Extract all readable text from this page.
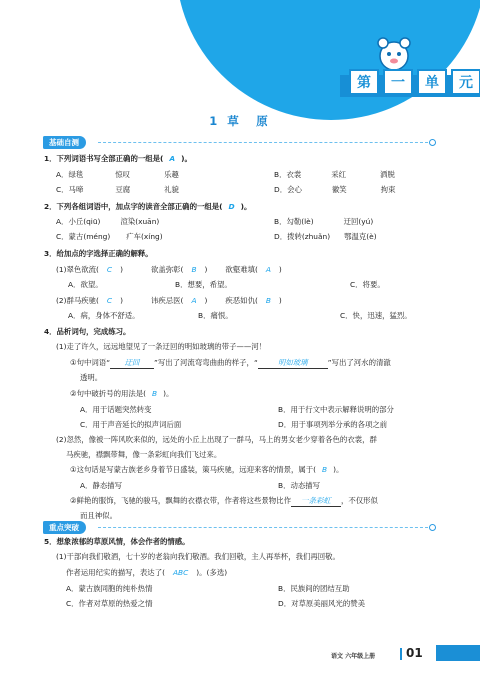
第	一	单	元
1 草　原
基础自测
1．下列词语书写全部正确的一组是( A )。
A．绿毯	惊叹	乐趣	B．衣裳	采红	洒脱
C．马啼	豆腐	礼貌	D．会心	徽笑	拘束
2．下列各组词语中，加点字的读音全部正确的一组是( D )。
A．小丘(qiū)	渲染(xuān)	B．勾勒(lè)	迂回(yú)
C．蒙古(méng) 疒车(xíng)	D．拨转(zhuǎn) 鄂温克(è)
3．给加点的字选择正确的解释。
(1)翠色欲流( C )	欲盖弥彰( B ) 欲壑难填( A )
A．欲望。	B．想要，希望。	C．将要。
(2)群马疾驰( C )	讳疾忌医( A ) 疾恶如仇( B )
A．病，身体不舒适。	B．痛恨。	C．快，迅速，猛烈。
4．品析词句，完成练习。
(1)走了许久，远远地望见了一条迂回的明如玻璃的带子——河！
①句中词语“ 迂回 ”写出了河流弯弯曲曲的样子，“	明如玻璃	”写出了河水的清澈
透明。
②句中破折号的用法是( B )。
A．用于话题突然转变	B．用于行文中表示解释说明的部分
C．用于声音延长的拟声词后面	D．用于事项列举分承的各项之前
(2)忽然，像被一阵风吹来似的，远处的小丘上出现了一群马，马上的男女老少穿着各色的衣裳，群
马疾驰，襟飘带舞，像一条彩虹向我们飞过来。
①这句话是写蒙古族老乡身着节日盛装，策马疾驰，远迎来客的情景，属于( B )。
A．静态描写	B．动态描写
②鲜艳的服饰，飞驰的骏马，飘舞的衣襟衣带，作者将这些景物比作 一条彩虹 ，不仅形似
而且神似。
重点突破
5．想象浓郁的草原风情，体会作者的情感。
(1)干部向我们敬酒，七十岁的老翁向我们敬酒。我们回敬，主人再举杯，我们再回敬。
作者运用纪实的描写，表达了( ABC )。(多选)
A．蒙古族同胞的纯朴热情	B．民族间的团结互助
C．作者对草原的热爱之情	D．对草原美丽风光的赞美
语文 六年级上册	01
